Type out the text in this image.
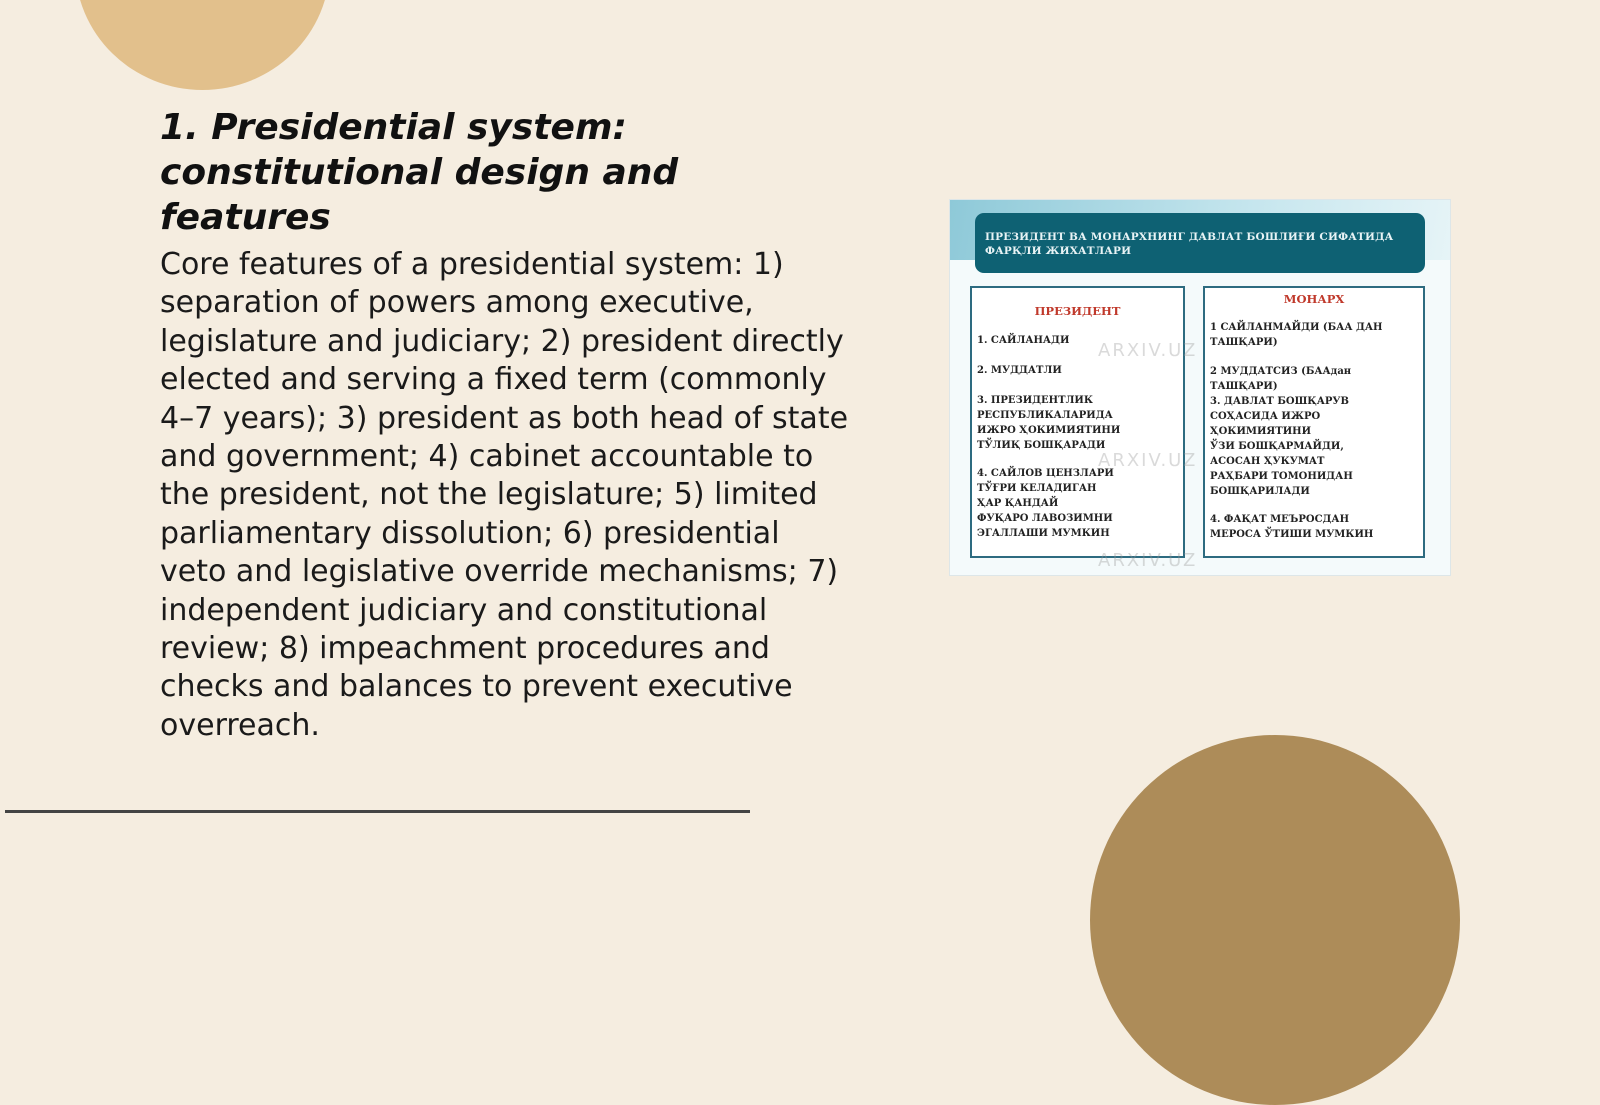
1. Presidential system: constitutional design and features

Core features of a presidential system: 1) separation of powers among executive, legislature and judiciary; 2) president directly elected and serving a fixed term (commonly 4–7 years); 3) president as both head of state and government; 4) cabinet accountable to the president, not the legislature; 5) limited parliamentary dissolution; 6) presidential veto and legislative override mechanisms; 7) independent judiciary and constitutional review; 8) impeachment procedures and checks and balances to prevent executive overreach.

ПРЕЗИДЕНТ ВА МОНАРХНИНГ ДАВЛАТ БОШЛИҒИ СИФАТИДА ФАРҚЛИ ЖИХАТЛАРИ
ПРЕЗИДЕНТ
1. САЙЛАНАДИ
2. МУДДАТЛИ
3. ПРЕЗИДЕНТЛИК
РЕСПУБЛИКАЛАРИДА
ИЖРО ҲОКИМИЯТИНИ
ТЎЛИҚ БОШҚАРАДИ
4. САЙЛОВ ЦЕНЗЛАРИ
ТЎҒРИ КЕЛАДИГАН
ҲАР ҚАНДАЙ
ФУҚАРО ЛАВОЗИМНИ
ЭГАЛЛАШИ МУМКИН
МОНАРХ
1 САЙЛАНМАЙДИ (БАА ДАН
ТАШҚАРИ)
2 МУДДАТСИЗ (БААдан ТАШҚАРИ)
3. ДАВЛАТ БОШҚАРУВ
СОҲАСИДА ИЖРО
ҲОКИМИЯТИНИ
ЎЗИ БОШҚАРМАЙДИ,
АСОСАН ҲУКУМАТ
РАҲБАРИ ТОМОНИДАН
БОШҚАРИЛАДИ
4. ФАҚАТ МЕЪРОСДАН
МЕРОСА ЎТИШИ МУМКИН
ARXIV.UZ
ARXIV.UZ
ARXIV.UZ
